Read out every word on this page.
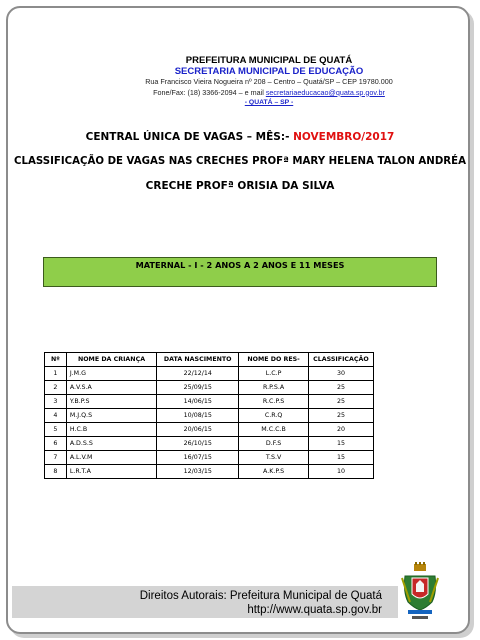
PREFEITURA MUNICIPAL DE QUATÁ
SECRETARIA MUNICIPAL DE EDUCAÇÃO
Rua Francisco Vieira Nogueira nº 208 – Centro – Quatá/SP – CEP 19780.000
Fone/Fax: (18) 3366-2094 – e mail secretariaeducacao@quata.sp.gov.br
- QUATÁ – SP -
CENTRAL ÚNICA DE VAGAS – MÊS:- NOVEMBRO/2017
CLASSIFICAÇÃO DE VAGAS NAS CRECHES PROFª MARY HELENA TALON ANDRÉA
CRECHE PROFª ORISIA DA SILVA
MATERNAL - I - 2 ANOS A 2 ANOS E 11 MESES
Nº	NOME DA CRIANÇA	DATA NASCIMENTO	NOME DO RES-	CLASSIFICAÇÃO
1	J.M.G	22/12/14	L.C.P	30
2	A.V.S.A	25/09/15	R.P.S.A	25
3	Y.B.P.S	14/06/15	R.C.P.S	25
4	M.J.Q.S	10/08/15	C.R.Q	25
5	H.C.B	20/06/15	M.C.C.B	20
6	A.D.S.S	26/10/15	D.F.S	15
7	A.L.V.M	16/07/15	T.S.V	15
8	L.R.T.A	12/03/15	A.K.P.S	10
Direitos Autorais: Prefeitura Municipal de Quatá
http://www.quata.sp.gov.br
